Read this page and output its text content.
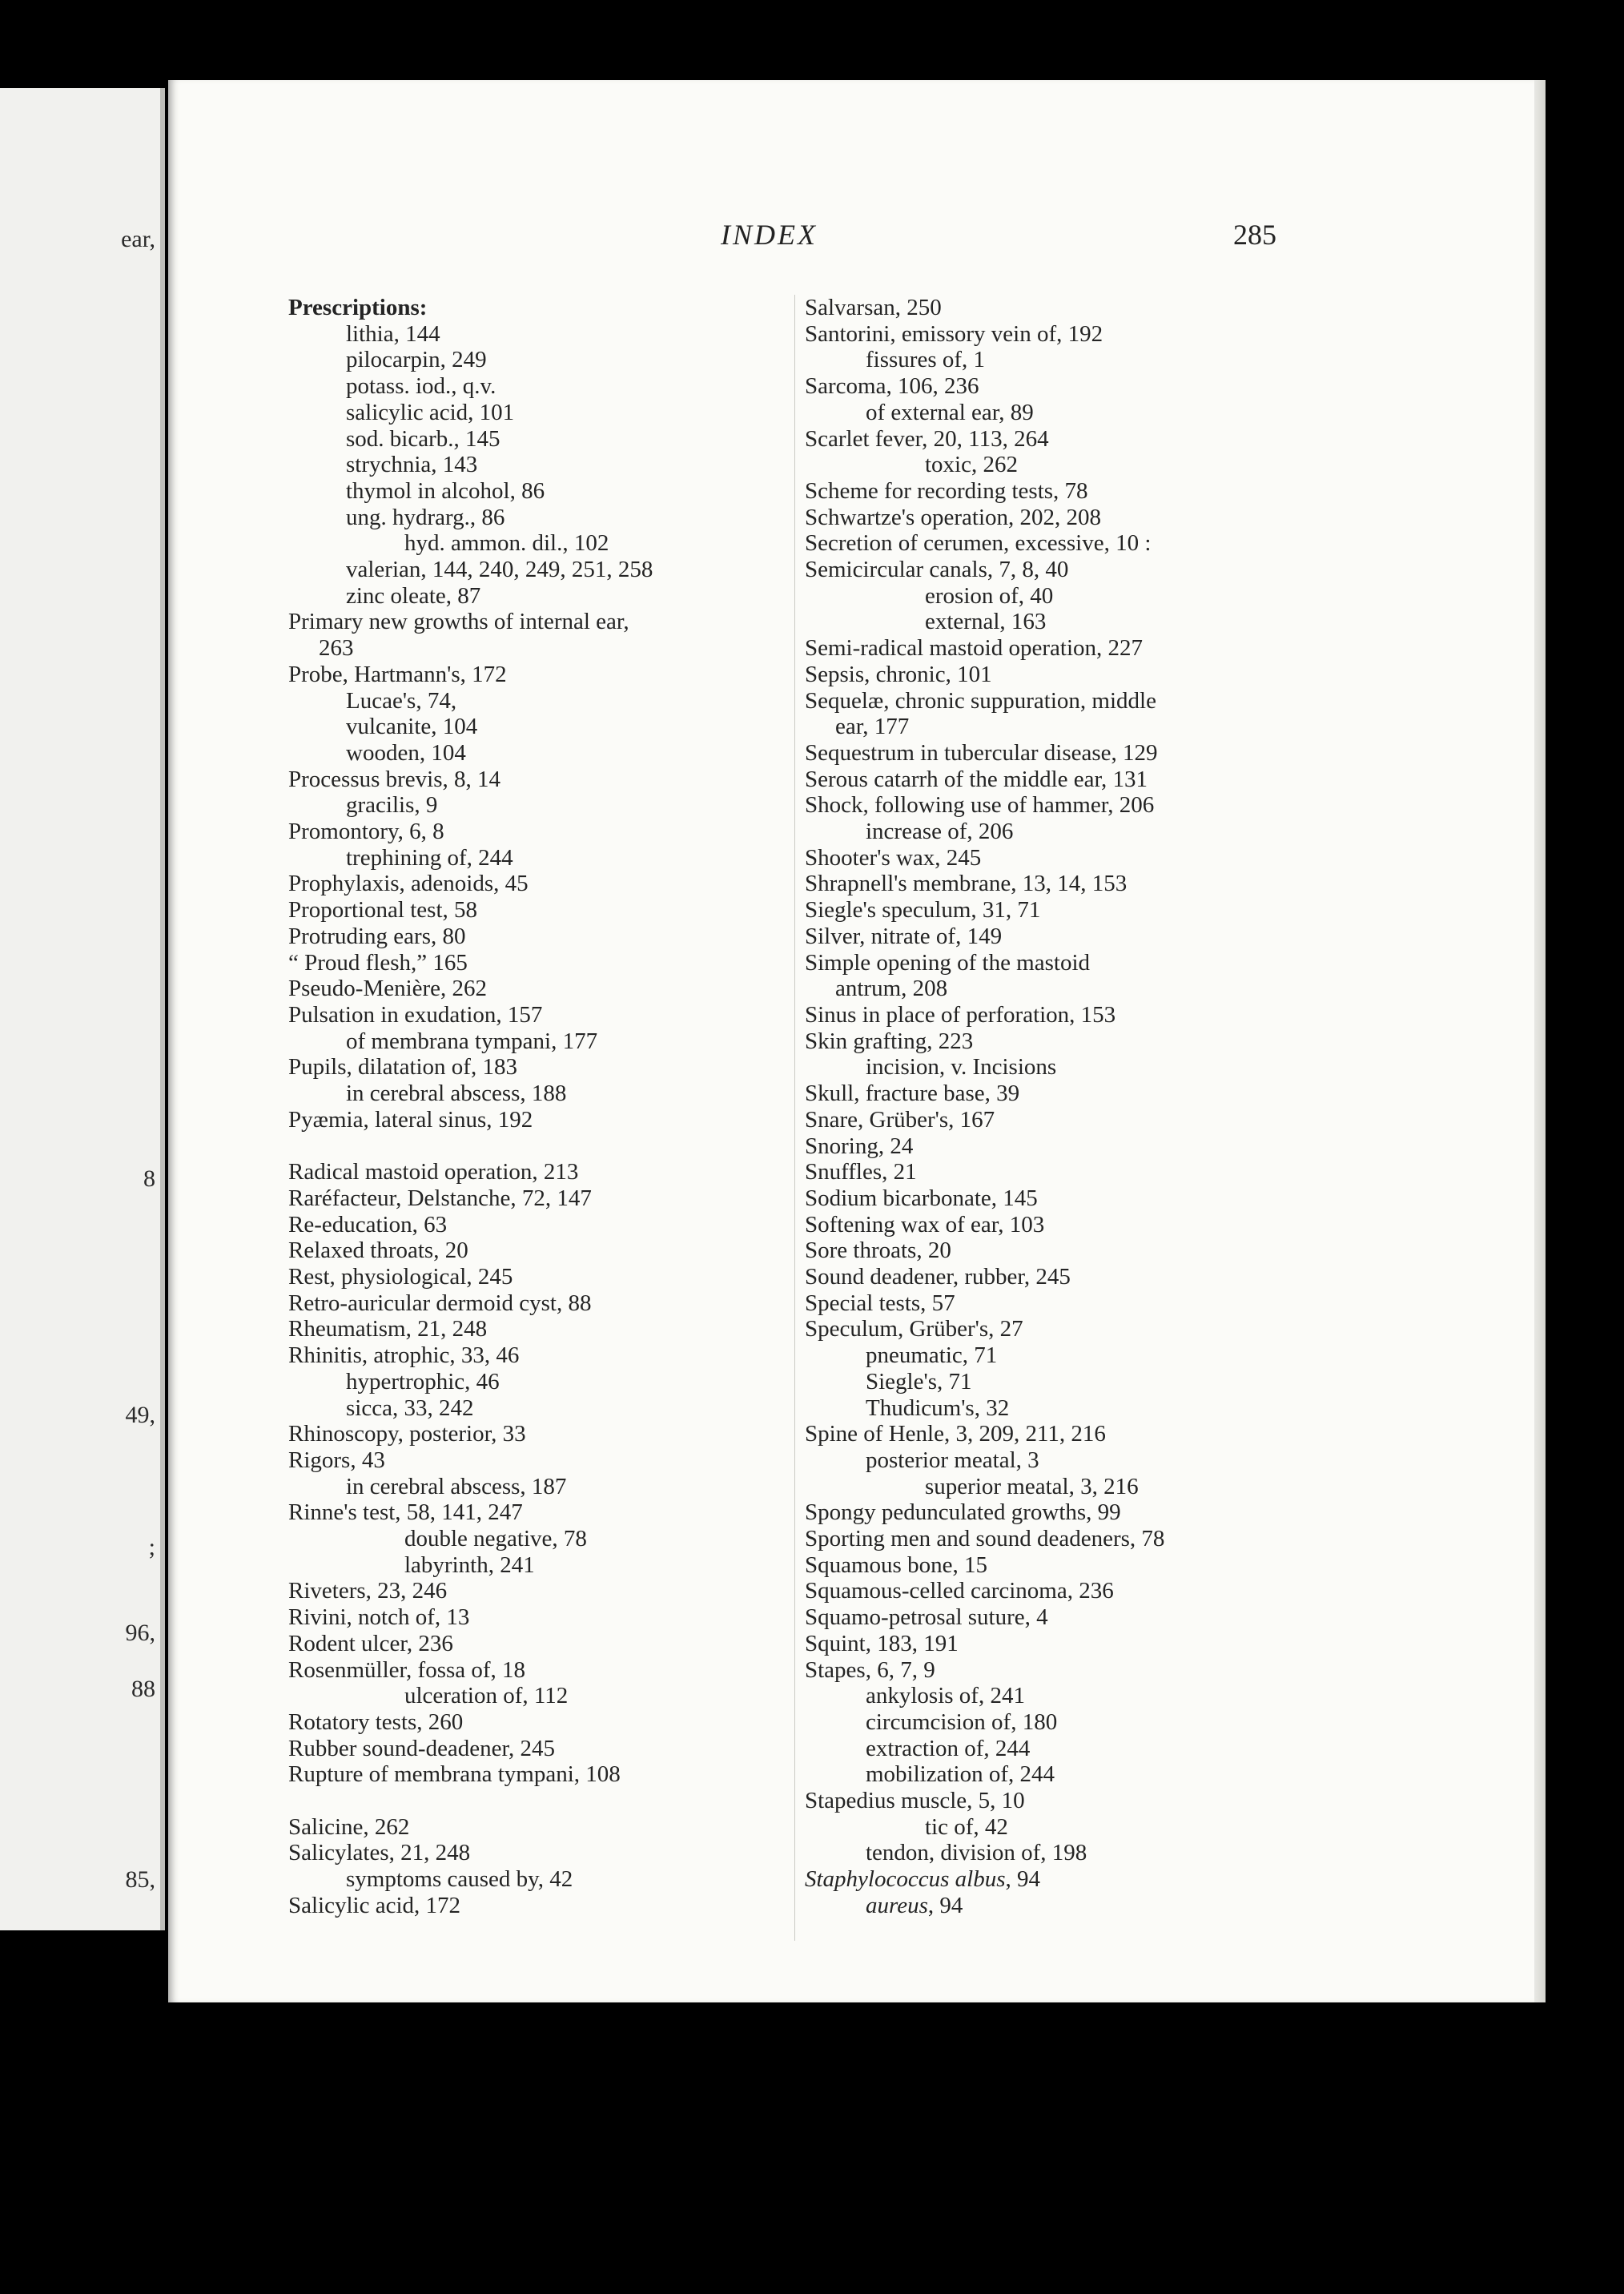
ear,
8
49,
;
96,
88
85,
INDEX	285
Prescriptions:
lithia, 144
pilocarpin, 249
potass. iod., q.v.
salicylic acid, 101
sod. bicarb., 145
strychnia, 143
thymol in alcohol, 86
ung. hydrarg., 86
hyd. ammon. dil., 102
valerian, 144, 240, 249, 251, 258
zinc oleate, 87
Primary new growths of internal ear,
263
Probe, Hartmann's, 172
Lucae's, 74,
vulcanite, 104
wooden, 104
Processus brevis, 8, 14
gracilis, 9
Promontory, 6, 8
trephining of, 244
Prophylaxis, adenoids, 45
Proportional test, 58
Protruding ears, 80
“ Proud flesh,” 165
Pseudo-Menière, 262
Pulsation in exudation, 157
of membrana tympani, 177
Pupils, dilatation of, 183
in cerebral abscess, 188
Pyæmia, lateral sinus, 192
Radical mastoid operation, 213
Raréfacteur, Delstanche, 72, 147
Re-education, 63
Relaxed throats, 20
Rest, physiological, 245
Retro-auricular dermoid cyst, 88
Rheumatism, 21, 248
Rhinitis, atrophic, 33, 46
hypertrophic, 46
sicca, 33, 242
Rhinoscopy, posterior, 33
Rigors, 43
in cerebral abscess, 187
Rinne's test, 58, 141, 247
double negative, 78
labyrinth, 241
Riveters, 23, 246
Rivini, notch of, 13
Rodent ulcer, 236
Rosenmüller, fossa of, 18
ulceration of, 112
Rotatory tests, 260
Rubber sound-deadener, 245
Rupture of membrana tympani, 108
Salicine, 262
Salicylates, 21, 248
symptoms caused by, 42
Salicylic acid, 172
Salvarsan, 250
Santorini, emissory vein of, 192
fissures of, 1
Sarcoma, 106, 236
of external ear, 89
Scarlet fever, 20, 113, 264
toxic, 262
Scheme for recording tests, 78
Schwartze's operation, 202, 208
Secretion of cerumen, excessive, 10 :
Semicircular canals, 7, 8, 40
erosion of, 40
external, 163
Semi-radical mastoid operation, 227
Sepsis, chronic, 101
Sequelæ, chronic suppuration, middle
ear, 177
Sequestrum in tubercular disease, 129
Serous catarrh of the middle ear, 131
Shock, following use of hammer, 206
increase of, 206
Shooter's wax, 245
Shrapnell's membrane, 13, 14, 153
Siegle's speculum, 31, 71
Silver, nitrate of, 149
Simple opening of the mastoid
antrum, 208
Sinus in place of perforation, 153
Skin grafting, 223
incision, v. Incisions
Skull, fracture base, 39
Snare, Grüber's, 167
Snoring, 24
Snuffles, 21
Sodium bicarbonate, 145
Softening wax of ear, 103
Sore throats, 20
Sound deadener, rubber, 245
Special tests, 57
Speculum, Grüber's, 27
pneumatic, 71
Siegle's, 71
Thudicum's, 32
Spine of Henle, 3, 209, 211, 216
posterior meatal, 3
superior meatal, 3, 216
Spongy pedunculated growths, 99
Sporting men and sound deadeners, 78
Squamous bone, 15
Squamous-celled carcinoma, 236
Squamo-petrosal suture, 4
Squint, 183, 191
Stapes, 6, 7, 9
ankylosis of, 241
circumcision of, 180
extraction of, 244
mobilization of, 244
Stapedius muscle, 5, 10
tic of, 42
tendon, division of, 198
Staphylococcus albus, 94
aureus, 94
